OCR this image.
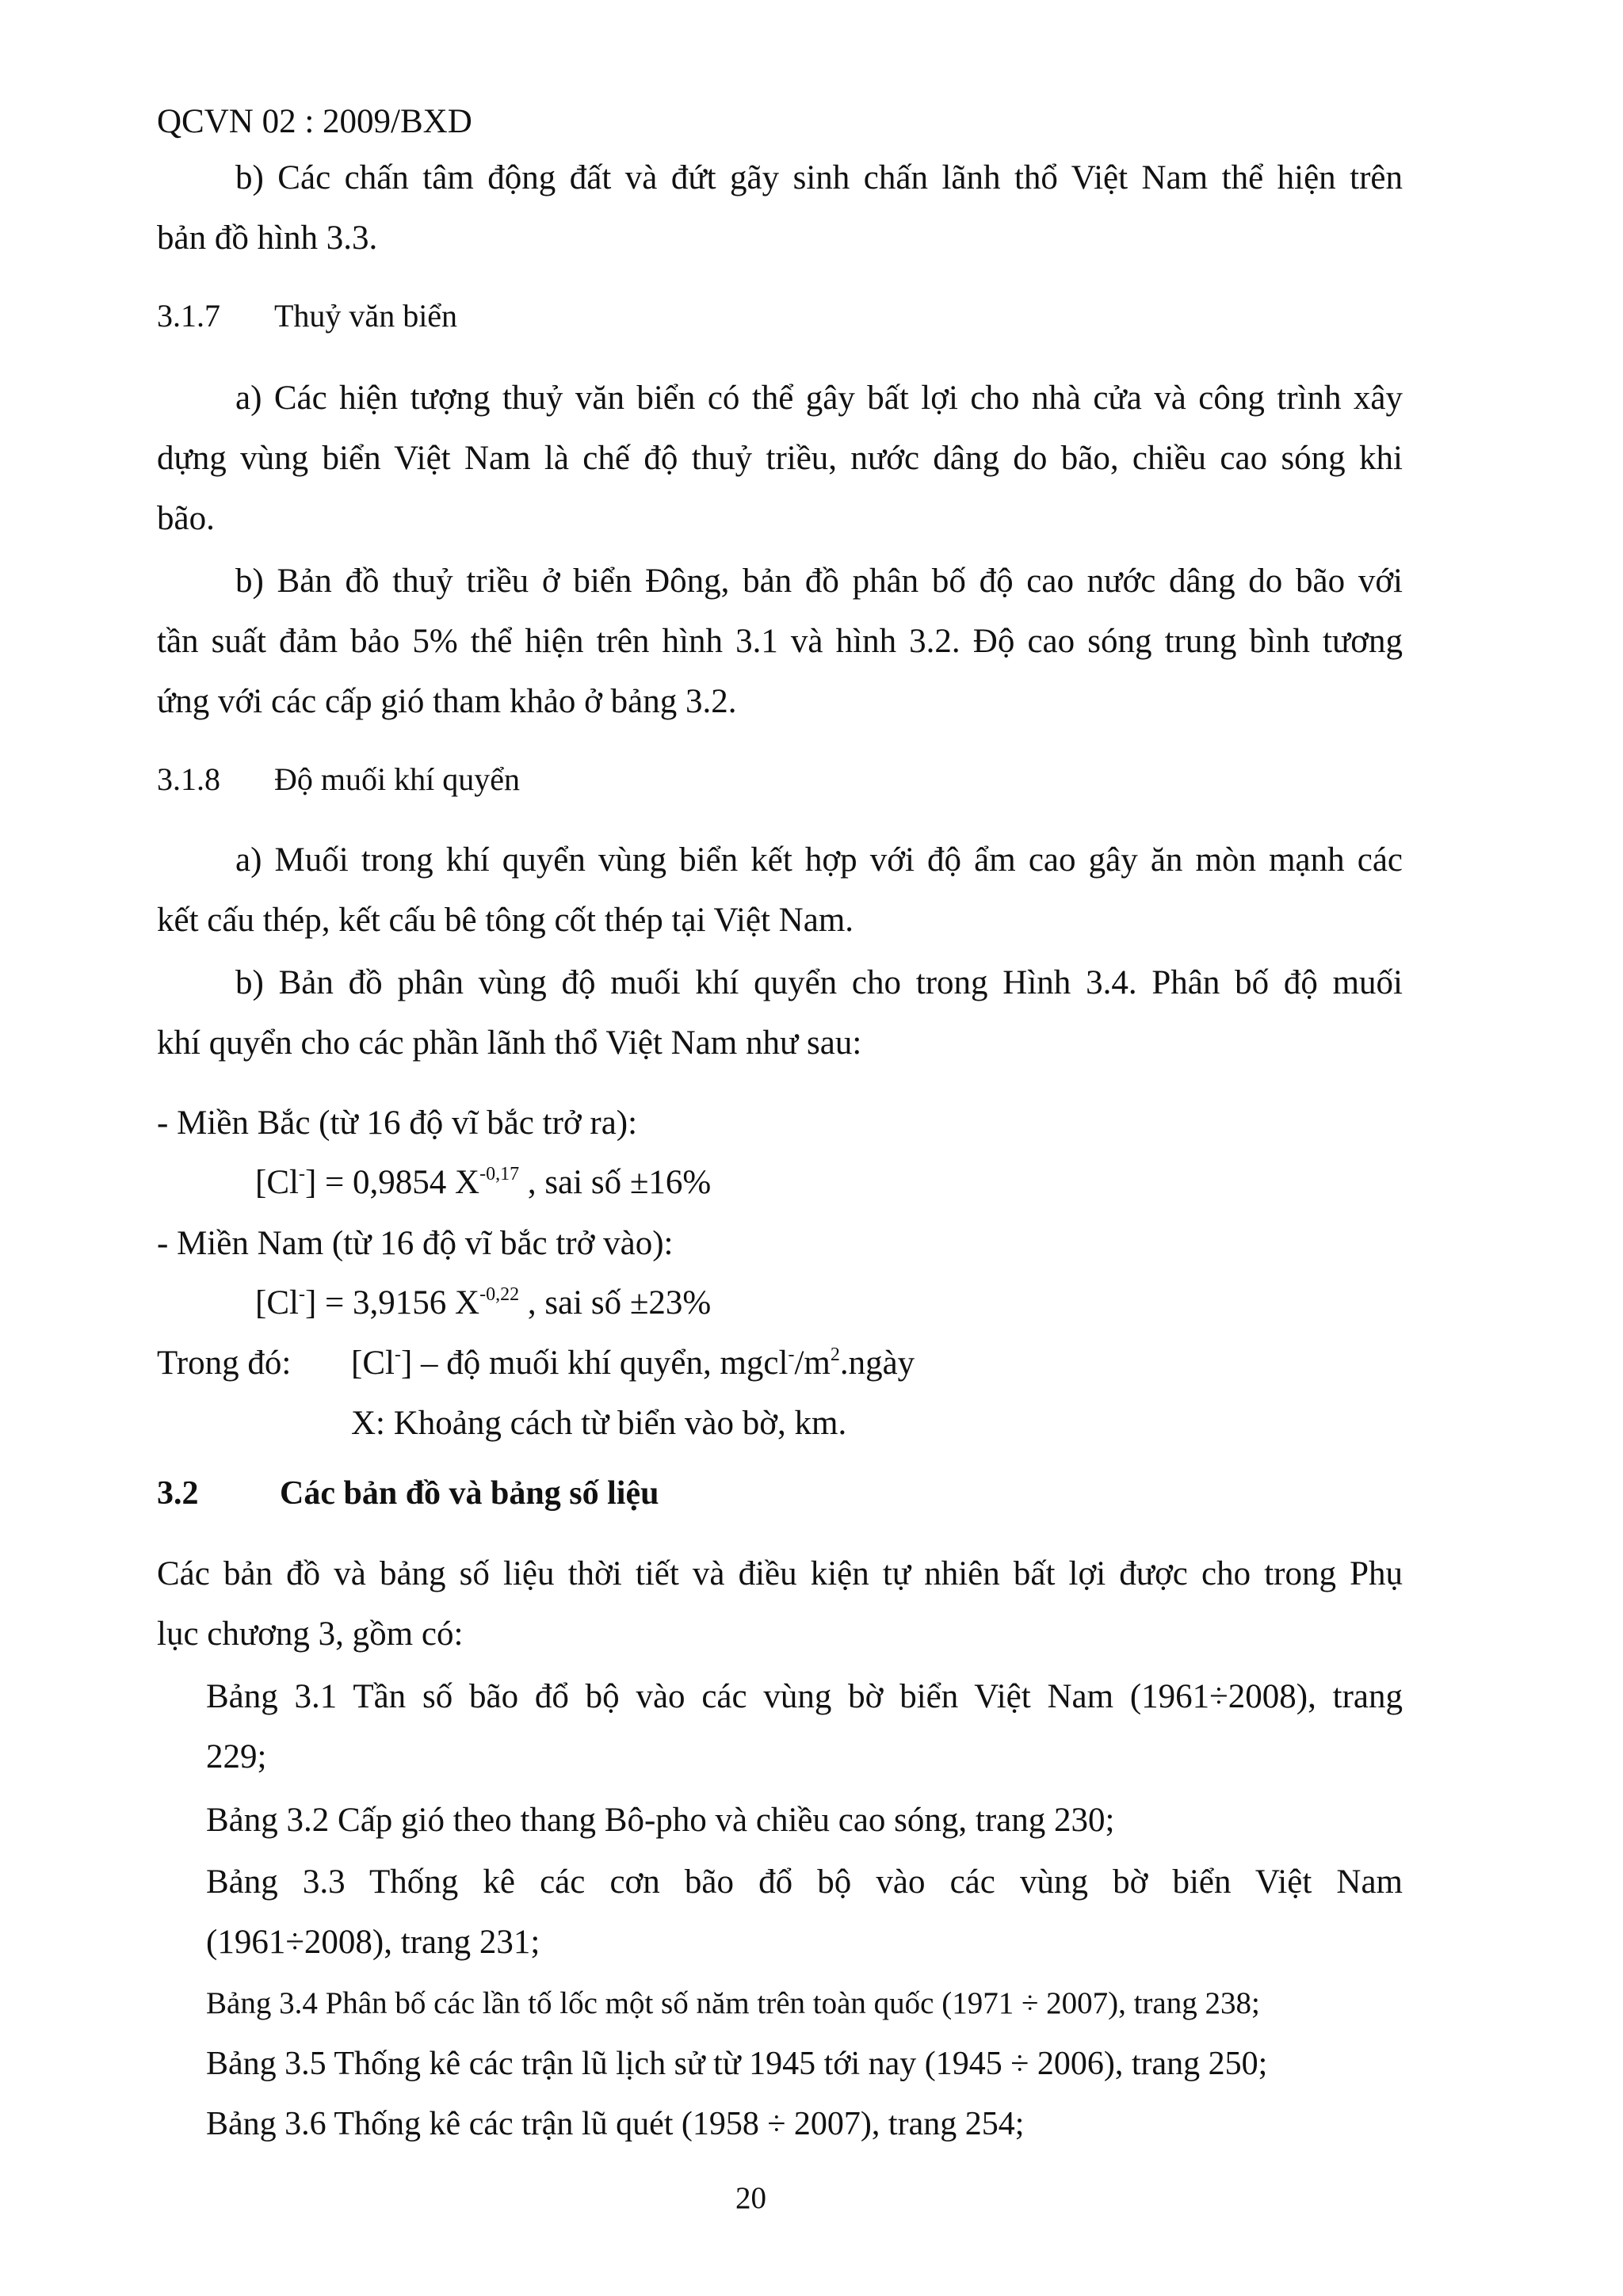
QCVN 02 : 2009/BXD
b) Các chấn tâm động đất và đứt gãy sinh chấn lãnh thổ Việt Nam thể hiện trên
bản đồ hình 3.3.
3.1.7 Thuỷ văn biển
a) Các hiện tượng thuỷ văn biển có thể gây bất lợi cho nhà cửa và công trình xây
dựng vùng biển Việt Nam là chế độ thuỷ triều, nước dâng do bão, chiều cao sóng khi
bão.
b) Bản đồ thuỷ triều ở biển Đông, bản đồ phân bố độ cao nước dâng do bão với
tần suất đảm bảo 5% thể hiện trên hình 3.1 và hình 3.2. Độ cao sóng trung bình tương
ứng với các cấp gió tham khảo ở bảng 3.2.
3.1.8 Độ muối khí quyển
a) Muối trong khí quyển vùng biển kết hợp với độ ẩm cao gây ăn mòn mạnh các
kết cấu thép, kết cấu bê tông cốt thép tại Việt Nam.
b) Bản đồ phân vùng độ muối khí quyển cho trong Hình 3.4. Phân bố độ muối
khí quyển cho các phần lãnh thổ Việt Nam như sau:
- Miền Bắc (từ 16 độ vĩ bắc trở ra):
[Cl-] = 0,9854 $X^{-0,17}$ , sai số ±16%
- Miền Nam (từ 16 độ vĩ bắc trở vào):
[Cl-] = 3,9156 $X^{-0,22}$ , sai số ±23%
Trong đó: [Cl-] – độ muối khí quyển, $mgcl^-/m^2.ngày$
X: Khoảng cách từ biển vào bờ, km.
3.2 Các bản đồ và bảng số liệu
Các bản đồ và bảng số liệu thời tiết và điều kiện tự nhiên bất lợi được cho trong Phụ
lục chương 3, gồm có:
Bảng 3.1 Tần số bão đổ bộ vào các vùng bờ biển Việt Nam (1961÷2008), trang
229;
Bảng 3.2 Cấp gió theo thang Bô-pho và chiều cao sóng, trang 230;
Bảng 3.3 Thống kê các cơn bão đổ bộ vào các vùng bờ biển Việt Nam
(1961÷2008), trang 231;
Bảng 3.4 Phân bố các lần tố lốc một số năm trên toàn quốc (1971 ÷ 2007), trang 238;
Bảng 3.5 Thống kê các trận lũ lịch sử từ 1945 tới nay (1945 ÷ 2006), trang 250;
Bảng 3.6 Thống kê các trận lũ quét (1958 ÷ 2007), trang 254;
20
